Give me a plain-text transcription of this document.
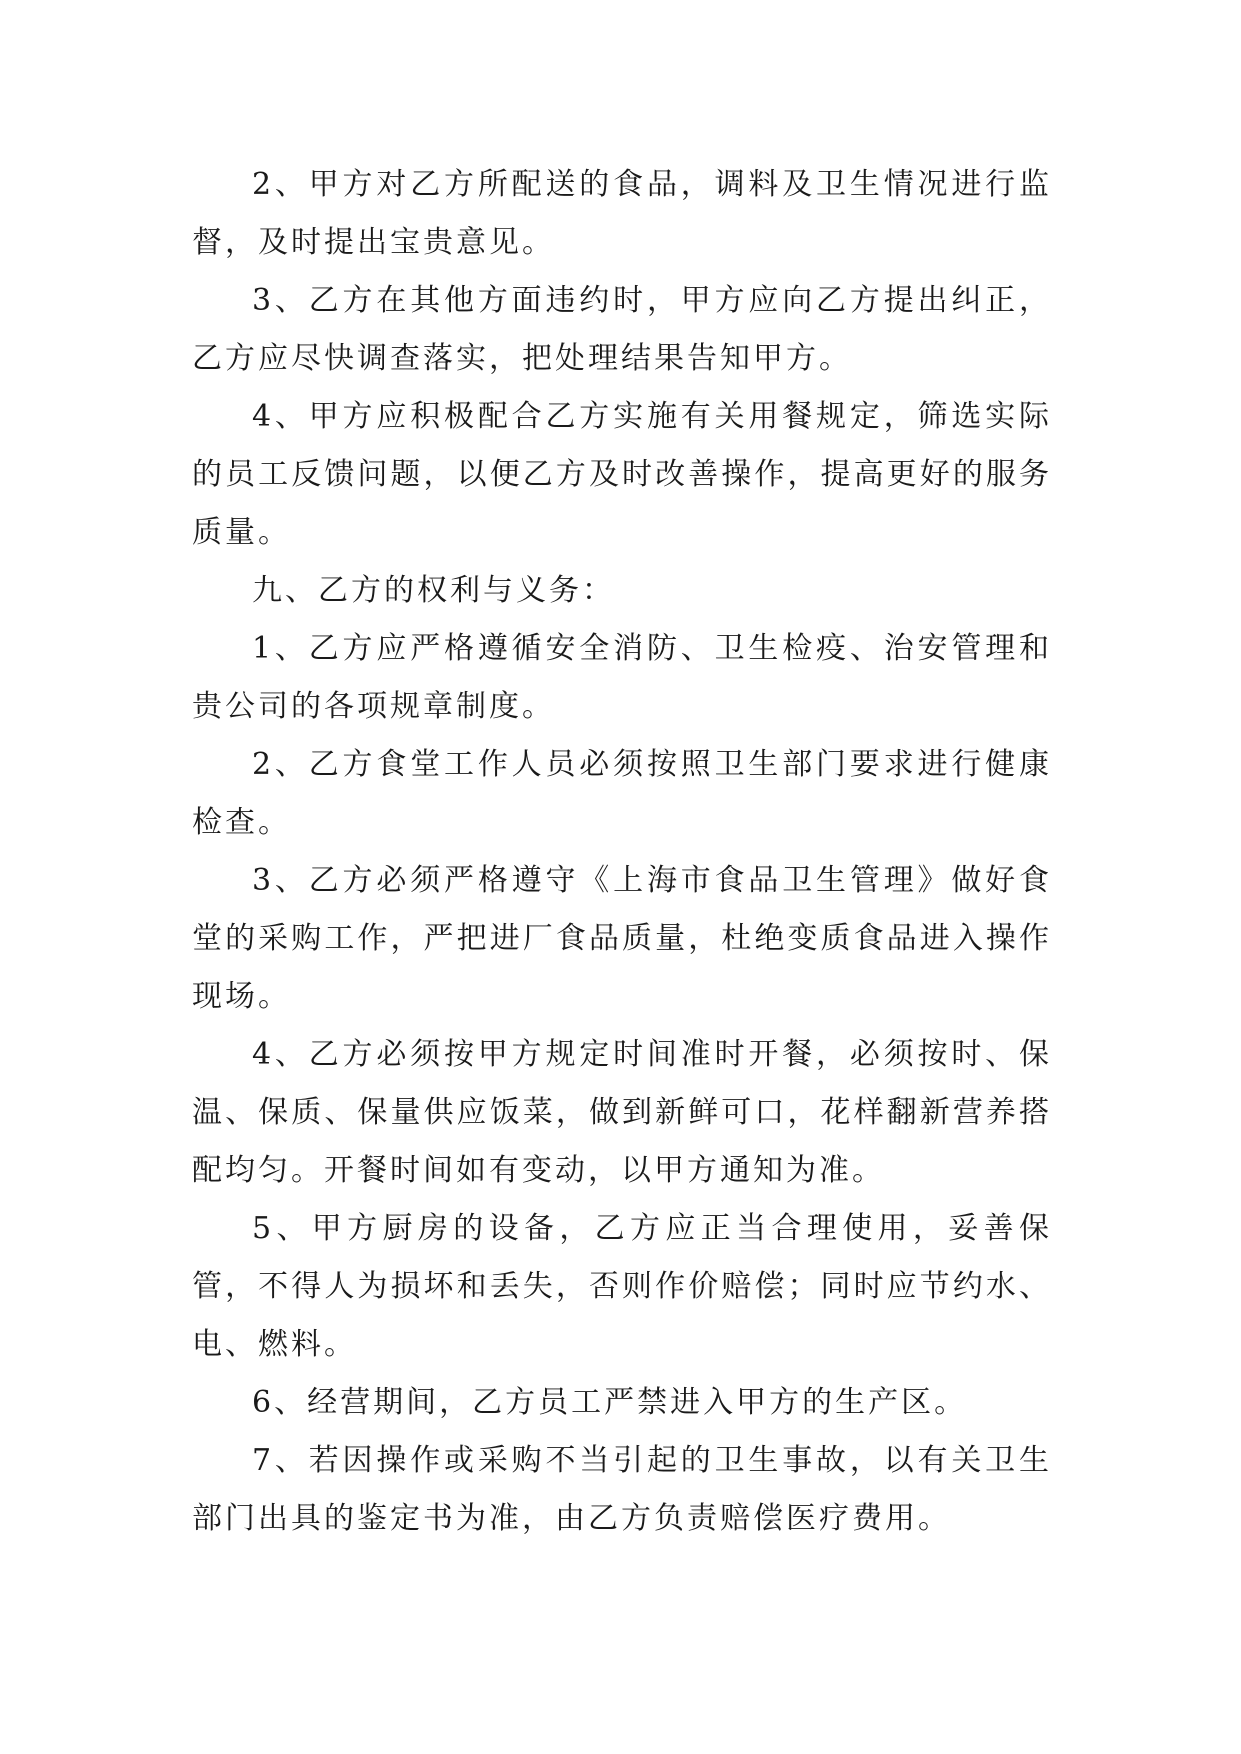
2、甲方对乙方所配送的食品，调料及卫生情况进行监督，及时提出宝贵意见。

3、乙方在其他方面违约时，甲方应向乙方提出纠正，乙方应尽快调查落实，把处理结果告知甲方。

4、甲方应积极配合乙方实施有关用餐规定，筛选实际的员工反馈问题，以便乙方及时改善操作，提高更好的服务质量。

九、乙方的权利与义务：

1、乙方应严格遵循安全消防、卫生检疫、治安管理和贵公司的各项规章制度。

2、乙方食堂工作人员必须按照卫生部门要求进行健康检查。

3、乙方必须严格遵守《上海市食品卫生管理》做好食堂的采购工作，严把进厂食品质量，杜绝变质食品进入操作现场。

4、乙方必须按甲方规定时间准时开餐，必须按时、保温、保质、保量供应饭菜，做到新鲜可口，花样翻新营养搭配均匀。开餐时间如有变动，以甲方通知为准。

5、甲方厨房的设备，乙方应正当合理使用，妥善保管，不得人为损坏和丢失，否则作价赔偿；同时应节约水、电、燃料。

6、经营期间，乙方员工严禁进入甲方的生产区。

7、若因操作或采购不当引起的卫生事故，以有关卫生部门出具的鉴定书为准，由乙方负责赔偿医疗费用。
